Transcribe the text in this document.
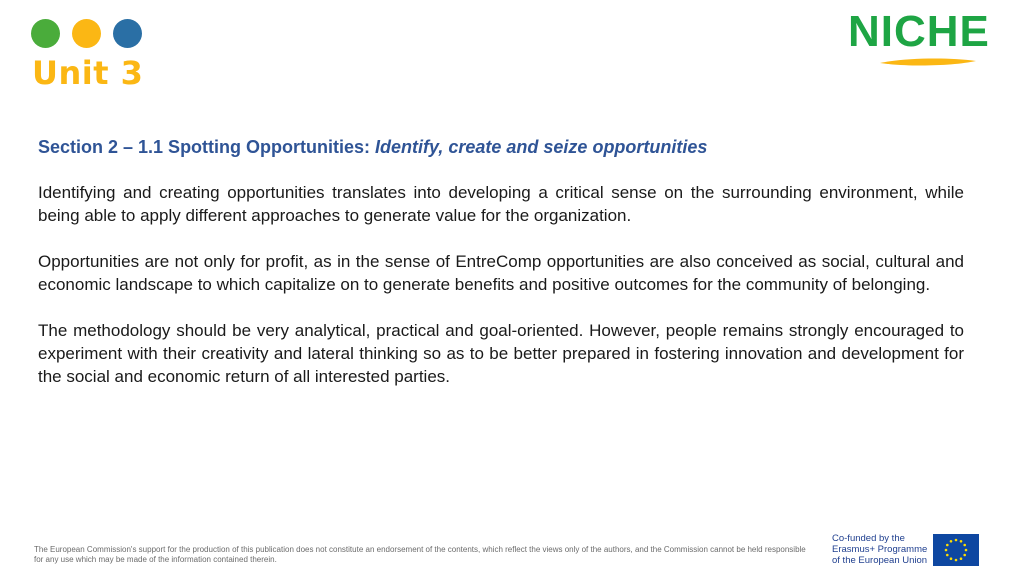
Unit 3
NICHE

Section 2 – 1.1 Spotting Opportunities: Identify, create and seize opportunities

Identifying and creating opportunities translates into developing a critical sense on the surrounding environment, while being able to apply different approaches to generate value for the organization.

Opportunities are not only for profit, as in the sense of EntreComp opportunities are also conceived as social, cultural and economic landscape to which capitalize on to generate benefits and positive outcomes for the community of belonging.

The methodology should be very analytical, practical and goal-oriented. However, people remains strongly encouraged to experiment with their creativity and lateral thinking so as to be better prepared in fostering innovation and development for the social and economic return of all interested parties.

The European Commission's support for the production of this publication does not constitute an endorsement of the contents, which reflect the views only of the authors, and the Commission cannot be held responsible for any use which may be made of the information contained therein.
Co-funded by the
Erasmus+ Programme
of the European Union
